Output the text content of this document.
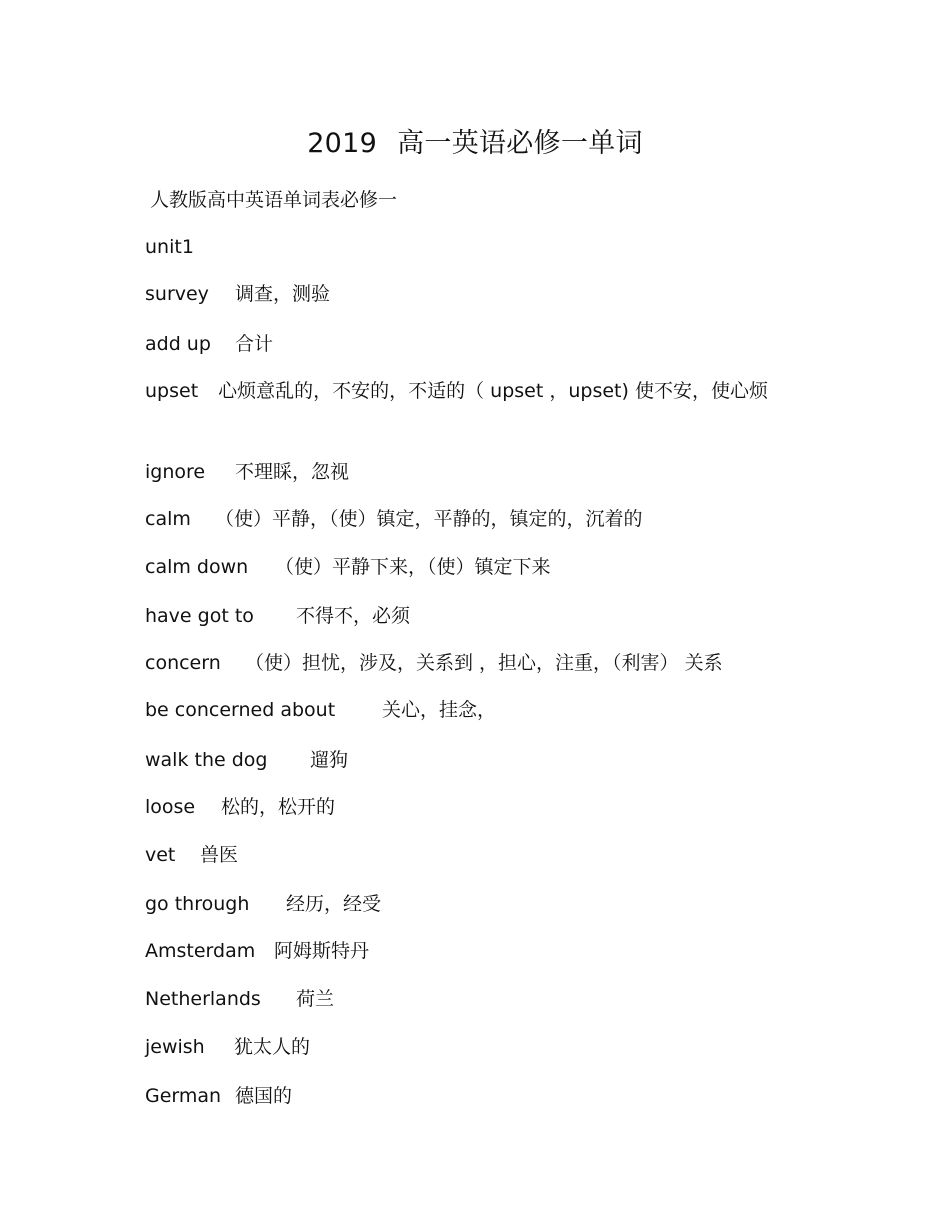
2019 高一英语必修一单词
人教版高中英语单词表必修一
unit1
survey 调查，测验
add up 合计
upset 心烦意乱的，不安的，不适的（ upset ，upset) 使不安，使心烦
ignore 不理睬，忽视
calm （使）平静，（使）镇定，平静的，镇定的，沉着的
calm down （使）平静下来，（使）镇定下来
have got to 不得不，必须
concern （使）担忧，涉及，关系到 ，担心，注重，（利害） 关系
be concerned about 关心，挂念，
walk the dog 遛狗
loose 松的，松开的
vet 兽医
go through 经历，经受
Amsterdam 阿姆斯特丹
Netherlands 荷兰
jewish 犹太人的
German 德国的
